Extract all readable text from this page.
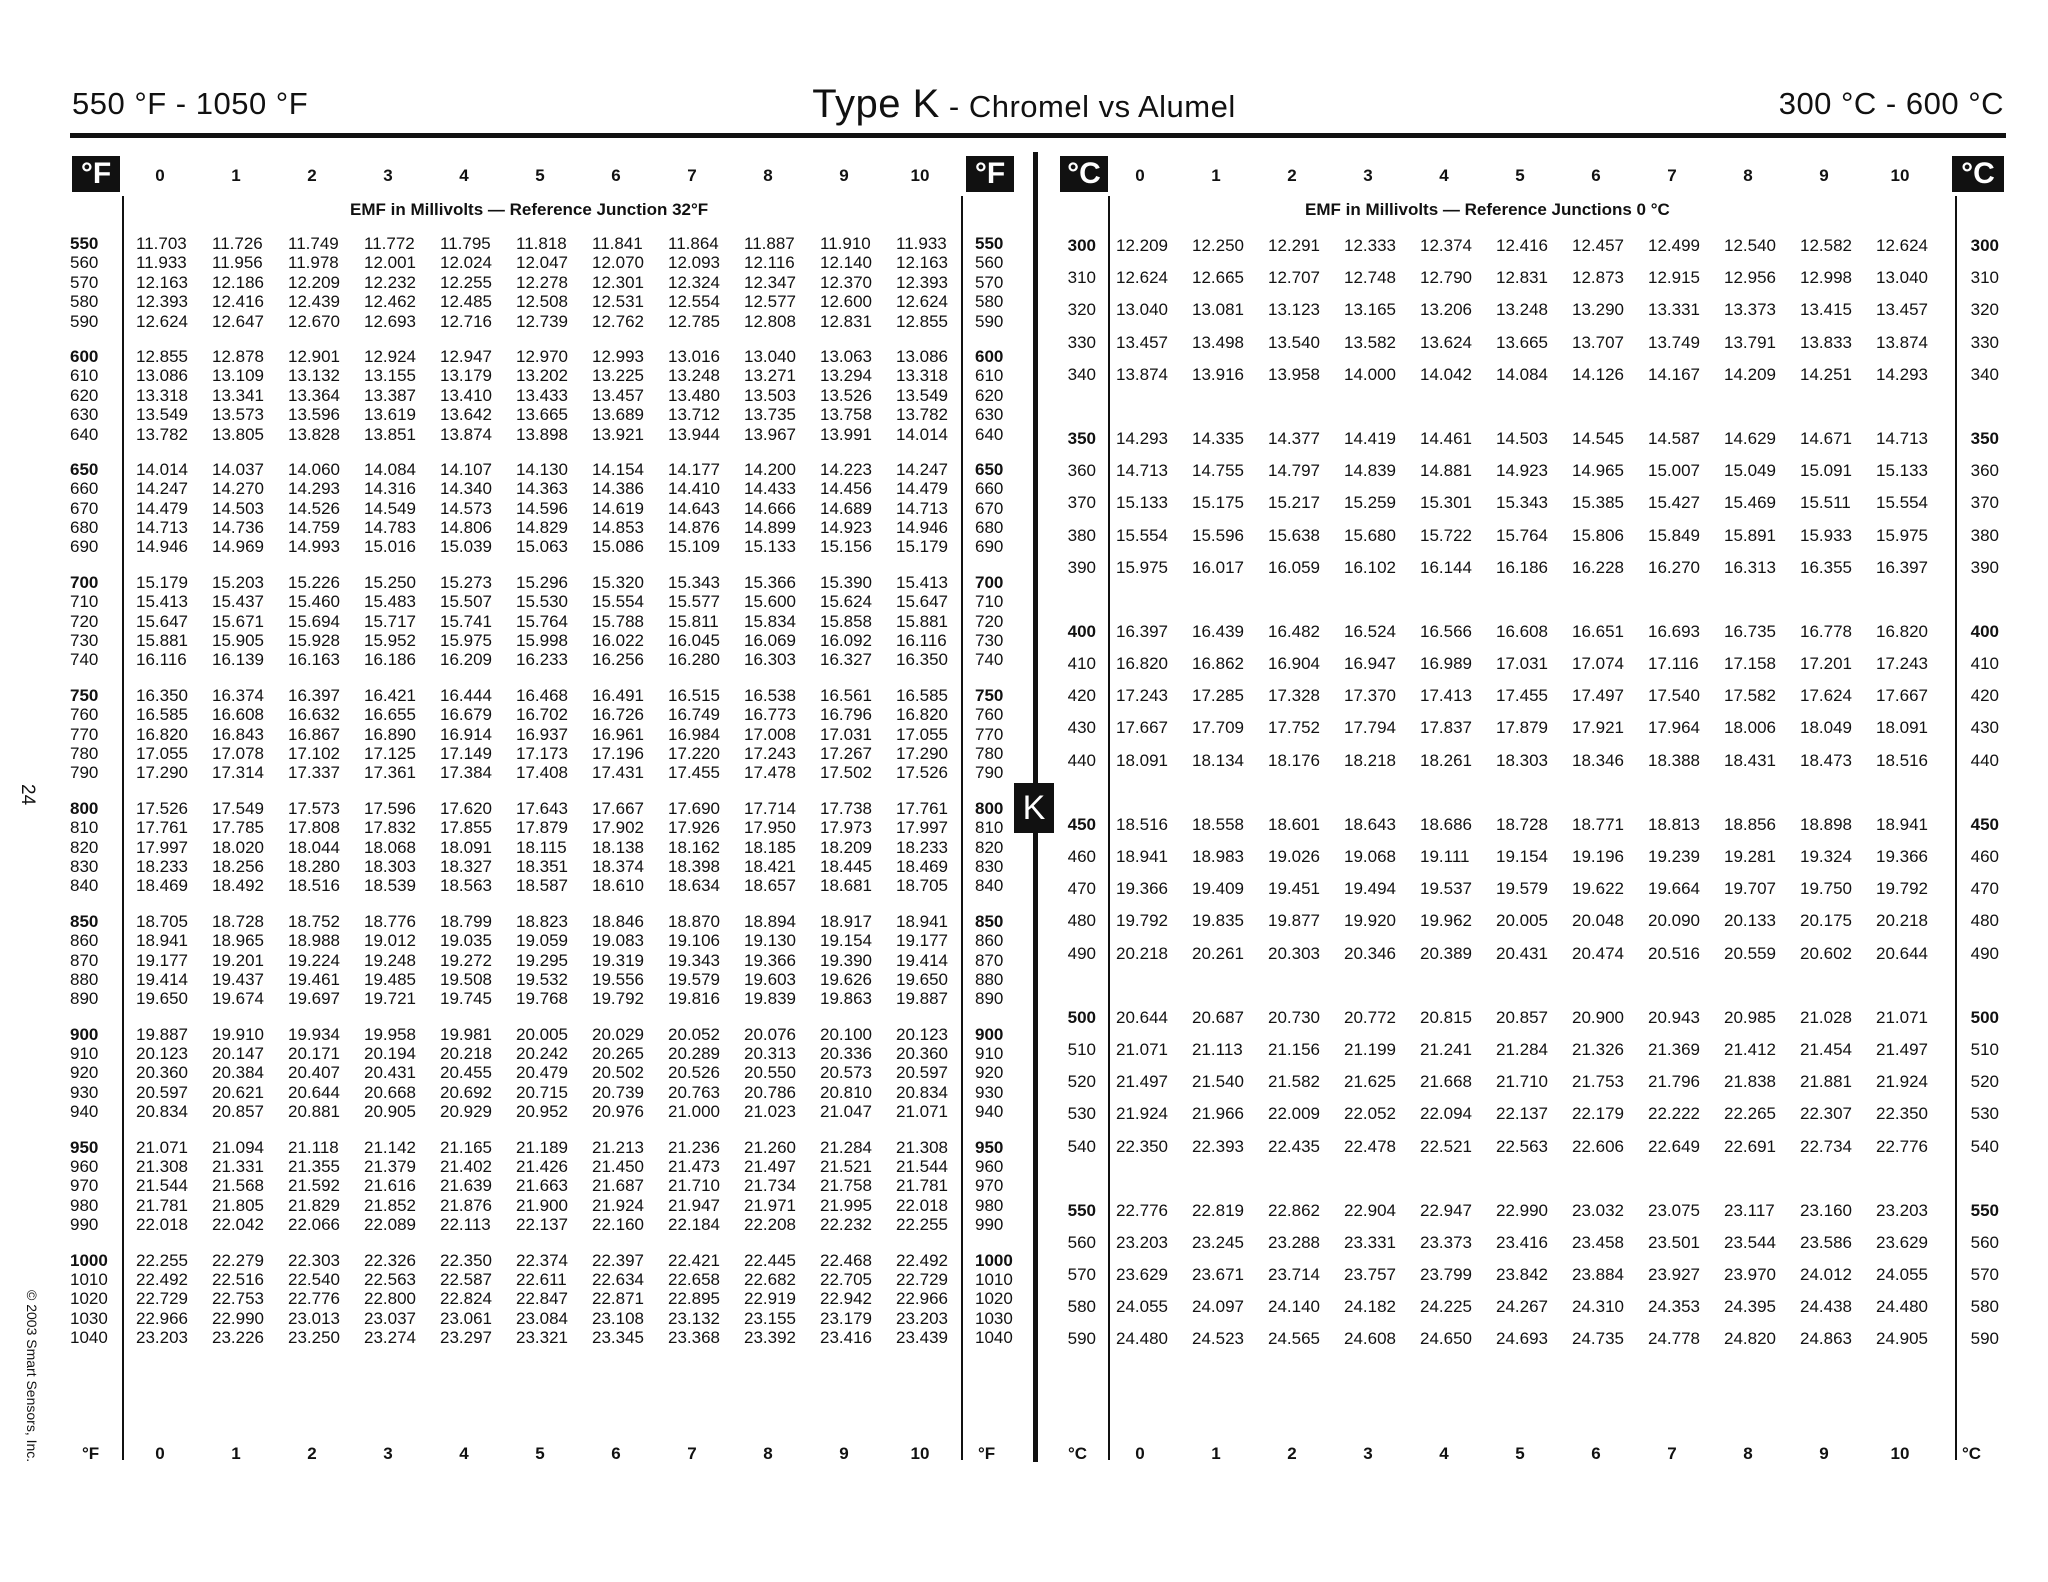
550 °F - 1050 °F	Type K - Chromel vs Alumel	300 °C - 600 °C
°F	°F °C	°C
0	1	2	3	4	5	6	7	8	9	10	0	1	2	3	4	5	6	7	8	9	10
EMF in Millivolts — Reference Junction 32°F	EMF in Millivolts — Reference Junctions 0 °C
550 11.703 11.726 11.749 11.772 11.795 11.818 11.841 11.864 11.887 11.910 11.933 550
560 11.933 11.956 11.978 12.001 12.024 12.047 12.070 12.093 12.116 12.140 12.163 560
570 12.163 12.186 12.209 12.232 12.255 12.278 12.301 12.324 12.347 12.370 12.393 570
580 12.393 12.416 12.439 12.462 12.485 12.508 12.531 12.554 12.577 12.600 12.624 580
590 12.624 12.647 12.670 12.693 12.716 12.739 12.762 12.785 12.808 12.831 12.855 590
600 12.855 12.878 12.901 12.924 12.947 12.970 12.993 13.016 13.040 13.063 13.086 600
610 13.086 13.109 13.132 13.155 13.179 13.202 13.225 13.248 13.271 13.294 13.318 610
620 13.318 13.341 13.364 13.387 13.410 13.433 13.457 13.480 13.503 13.526 13.549 620
630 13.549 13.573 13.596 13.619 13.642 13.665 13.689 13.712 13.735 13.758 13.782 630
640 13.782 13.805 13.828 13.851 13.874 13.898 13.921 13.944 13.967 13.991 14.014 640
650 14.014 14.037 14.060 14.084 14.107 14.130 14.154 14.177 14.200 14.223 14.247 650
660 14.247 14.270 14.293 14.316 14.340 14.363 14.386 14.410 14.433 14.456 14.479 660
670 14.479 14.503 14.526 14.549 14.573 14.596 14.619 14.643 14.666 14.689 14.713 670
680 14.713 14.736 14.759 14.783 14.806 14.829 14.853 14.876 14.899 14.923 14.946 680
690 14.946 14.969 14.993 15.016 15.039 15.063 15.086 15.109 15.133 15.156 15.179 690
700 15.179 15.203 15.226 15.250 15.273 15.296 15.320 15.343 15.366 15.390 15.413 700
710 15.413 15.437 15.460 15.483 15.507 15.530 15.554 15.577 15.600 15.624 15.647 710
720 15.647 15.671 15.694 15.717 15.741 15.764 15.788 15.811 15.834 15.858 15.881 720
730 15.881 15.905 15.928 15.952 15.975 15.998 16.022 16.045 16.069 16.092 16.116 730
740 16.116 16.139 16.163 16.186 16.209 16.233 16.256 16.280 16.303 16.327 16.350 740
750 16.350 16.374 16.397 16.421 16.444 16.468 16.491 16.515 16.538 16.561 16.585 750
760 16.585 16.608 16.632 16.655 16.679 16.702 16.726 16.749 16.773 16.796 16.820 760
770 16.820 16.843 16.867 16.890 16.914 16.937 16.961 16.984 17.008 17.031 17.055 770
780 17.055 17.078 17.102 17.125 17.149 17.173 17.196 17.220 17.243 17.267 17.290 780
790 17.290 17.314 17.337 17.361 17.384 17.408 17.431 17.455 17.478 17.502 17.526 790
800 17.526 17.549 17.573 17.596 17.620 17.643 17.667 17.690 17.714 17.738 17.761 800
810 17.761 17.785 17.808 17.832 17.855 17.879 17.902 17.926 17.950 17.973 17.997 810
820 17.997 18.020 18.044 18.068 18.091 18.115 18.138 18.162 18.185 18.209 18.233 820
830 18.233 18.256 18.280 18.303 18.327 18.351 18.374 18.398 18.421 18.445 18.469 830
840 18.469 18.492 18.516 18.539 18.563 18.587 18.610 18.634 18.657 18.681 18.705 840
850 18.705 18.728 18.752 18.776 18.799 18.823 18.846 18.870 18.894 18.917 18.941 850
860 18.941 18.965 18.988 19.012 19.035 19.059 19.083 19.106 19.130 19.154 19.177 860
870 19.177 19.201 19.224 19.248 19.272 19.295 19.319 19.343 19.366 19.390 19.414 870
880 19.414 19.437 19.461 19.485 19.508 19.532 19.556 19.579 19.603 19.626 19.650 880
890 19.650 19.674 19.697 19.721 19.745 19.768 19.792 19.816 19.839 19.863 19.887 890
900 19.887 19.910 19.934 19.958 19.981 20.005 20.029 20.052 20.076 20.100 20.123 900
910 20.123 20.147 20.171 20.194 20.218 20.242 20.265 20.289 20.313 20.336 20.360 910
920 20.360 20.384 20.407 20.431 20.455 20.479 20.502 20.526 20.550 20.573 20.597 920
930 20.597 20.621 20.644 20.668 20.692 20.715 20.739 20.763 20.786 20.810 20.834 930
940 20.834 20.857 20.881 20.905 20.929 20.952 20.976 21.000 21.023 21.047 21.071 940
950 21.071 21.094 21.118 21.142 21.165 21.189 21.213 21.236 21.260 21.284 21.308 950
960 21.308 21.331 21.355 21.379 21.402 21.426 21.450 21.473 21.497 21.521 21.544 960
970 21.544 21.568 21.592 21.616 21.639 21.663 21.687 21.710 21.734 21.758 21.781 970
980 21.781 21.805 21.829 21.852 21.876 21.900 21.924 21.947 21.971 21.995 22.018 980
990 22.018 22.042 22.066 22.089 22.113 22.137 22.160 22.184 22.208 22.232 22.255 990
1000 22.255 22.279 22.303 22.326 22.350 22.374 22.397 22.421 22.445 22.468 22.492 1000
1010 22.492 22.516 22.540 22.563 22.587 22.611 22.634 22.658 22.682 22.705 22.729 1010
1020 22.729 22.753 22.776 22.800 22.824 22.847 22.871 22.895 22.919 22.942 22.966 1020
1030 22.966 22.990 23.013 23.037 23.061 23.084 23.108 23.132 23.155 23.179 23.203 1030
1040 23.203 23.226 23.250 23.274 23.297 23.321 23.345 23.368 23.392 23.416 23.439 1040
300 12.209 12.250 12.291 12.333 12.374 12.416 12.457 12.499 12.540 12.582 12.624	300
310 12.624 12.665 12.707 12.748 12.790 12.831 12.873 12.915 12.956 12.998 13.040	310
320 13.040 13.081 13.123 13.165 13.206 13.248 13.290 13.331 13.373 13.415 13.457	320
330 13.457 13.498 13.540 13.582 13.624 13.665 13.707 13.749 13.791 13.833 13.874	330
340 13.874 13.916 13.958 14.000 14.042 14.084 14.126 14.167 14.209 14.251 14.293	340
350 14.293 14.335 14.377 14.419 14.461 14.503 14.545 14.587 14.629 14.671 14.713	350
360 14.713 14.755 14.797 14.839 14.881 14.923 14.965 15.007 15.049 15.091 15.133	360
370 15.133 15.175 15.217 15.259 15.301 15.343 15.385 15.427 15.469 15.511 15.554	370
380 15.554 15.596 15.638 15.680 15.722 15.764 15.806 15.849 15.891 15.933 15.975	380
390 15.975 16.017 16.059 16.102 16.144 16.186 16.228 16.270 16.313 16.355 16.397	390
400 16.397 16.439 16.482 16.524 16.566 16.608 16.651 16.693 16.735 16.778 16.820	400
410 16.820 16.862 16.904 16.947 16.989 17.031 17.074 17.116 17.158 17.201 17.243	410
420 17.243 17.285 17.328 17.370 17.413 17.455 17.497 17.540 17.582 17.624 17.667	420
430 17.667 17.709 17.752 17.794 17.837 17.879 17.921 17.964 18.006 18.049 18.091	430
440 18.091 18.134 18.176 18.218 18.261 18.303 18.346 18.388 18.431 18.473 18.516	440
450 18.516 18.558 18.601 18.643 18.686 18.728 18.771 18.813 18.856 18.898 18.941	450
460 18.941 18.983 19.026 19.068 19.111 19.154 19.196 19.239 19.281 19.324 19.366	460
470 19.366 19.409 19.451 19.494 19.537 19.579 19.622 19.664 19.707 19.750 19.792	470
480 19.792 19.835 19.877 19.920 19.962 20.005 20.048 20.090 20.133 20.175 20.218	480
490 20.218 20.261 20.303 20.346 20.389 20.431 20.474 20.516 20.559 20.602 20.644	490
500 20.644 20.687 20.730 20.772 20.815 20.857 20.900 20.943 20.985 21.028 21.071	500
510 21.071 21.113 21.156 21.199 21.241 21.284 21.326 21.369 21.412 21.454 21.497	510
520 21.497 21.540 21.582 21.625 21.668 21.710 21.753 21.796 21.838 21.881 21.924	520
530 21.924 21.966 22.009 22.052 22.094 22.137 22.179 22.222 22.265 22.307 22.350	530
540 22.350 22.393 22.435 22.478 22.521 22.563 22.606 22.649 22.691 22.734 22.776	540
550 22.776 22.819 22.862 22.904 22.947 22.990 23.032 23.075 23.117 23.160 23.203	550
560 23.203 23.245 23.288 23.331 23.373 23.416 23.458 23.501 23.544 23.586 23.629	560
570 23.629 23.671 23.714 23.757 23.799 23.842 23.884 23.927 23.970 24.012 24.055	570
580 24.055 24.097 24.140 24.182 24.225 24.267 24.310 24.353 24.395 24.438 24.480	580
590 24.480 24.523 24.565 24.608 24.650 24.693 24.735 24.778 24.820 24.863 24.905	590
0	1	2	3	4	5	6	7	8	9	10	0	1	2	3	4	5	6	7	8	9	10
°F	°F	°C	°C
K
24
© 2003 Smart Sensors, Inc.
